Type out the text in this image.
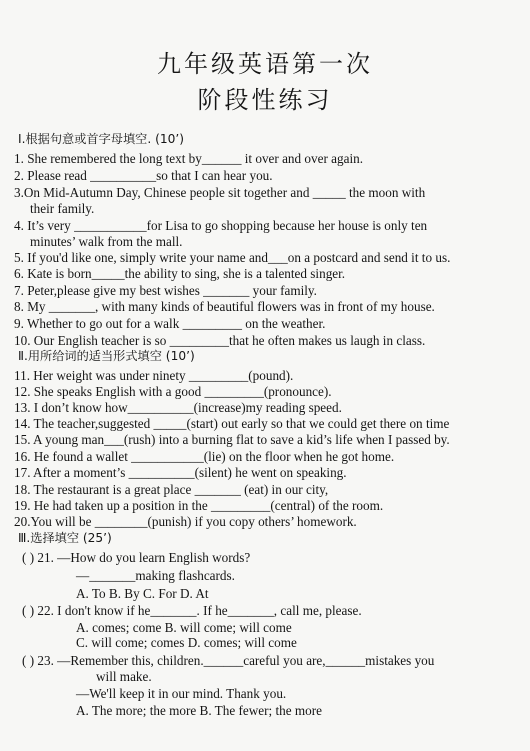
九年级英语第一次
阶段性练习
Ⅰ.根据句意或首字母填空. (10’)
1. She remembered the long text by______ it over and over again.
2. Please read __________so that I can hear you.
3.On Mid-Autumn Day, Chinese people sit together and _____ the moon with
their family.
4. It’s very ___________for Lisa to go shopping because her house is only ten
minutes’ walk from the mall.
5. If you'd like one, simply write your name and___on a postcard and send it to us.
6. Kate is born_____the ability to sing, she is a talented singer.
7. Peter,please give my best wishes _______ your family.
8. My _______, with many kinds of beautiful flowers was in front of my house.
9. Whether to go out for a walk _________ on the weather.
10. Our English teacher is so _________that he often makes us laugh in class.
Ⅱ.用所给词的适当形式填空 (10’)
11. Her weight was under ninety _________(pound).
12. She speaks English with a good _________(pronounce).
13. I don’t know how__________(increase)my reading speed.
14. The teacher,suggested _____(start) out early so that we could get there on time
15. A young man___(rush) into a burning flat to save a kid’s life when I passed by.
16. He found a wallet ___________(lie) on the floor when he got home.
17. After a moment’s __________(silent) he went on speaking.
18. The restaurant is a great place _______ (eat) in our city,
19. He had taken up a position in the _________(central) of the room.
20.You will be ________(punish) if you copy others’ homework.
Ⅲ.选择填空 (25’)
( ) 21. —How do you learn English words?
—_______making flashcards.
A. To B. By C. For D. At
( ) 22. I don't know if he_______. If he_______, call me, please.
A. comes; come B. will come; will come
C. will come; comes D. comes; will come
( ) 23. —Remember this, children.______careful you are,______mistakes you
will make.
—We'll keep it in our mind. Thank you.
A. The more; the more B. The fewer; the more
